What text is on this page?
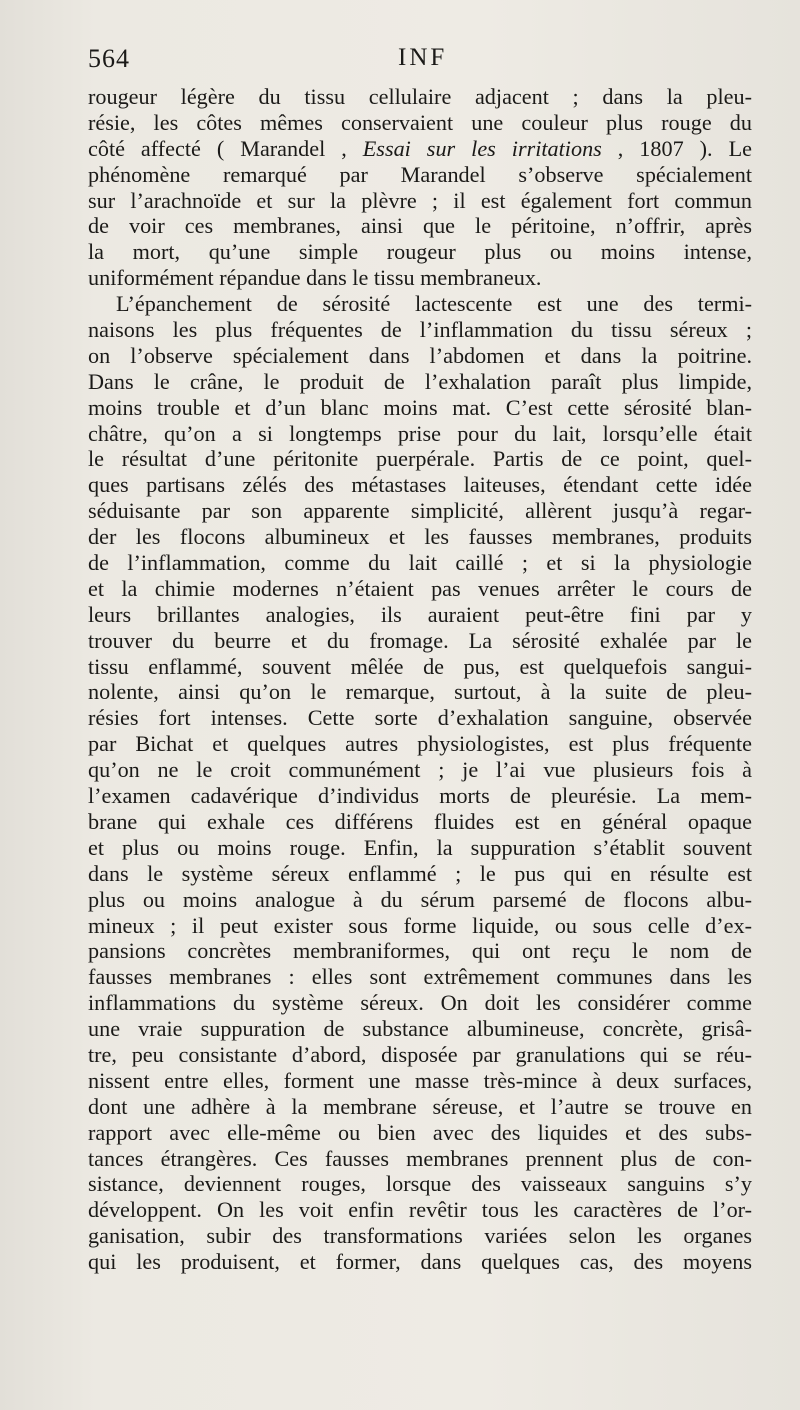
564	INF
rougeur légère du tissu cellulaire adjacent ; dans la pleu-
résie, les côtes mêmes conservaient une couleur plus rouge du
côté affecté ( Marandel , Essai sur les irritations , 1807 ). Le
phénomène remarqué par Marandel s’observe spécialement
sur l’arachnoïde et sur la plèvre ; il est également fort commun
de voir ces membranes, ainsi que le péritoine, n’offrir, après
la mort, qu’une simple rougeur plus ou moins intense,
uniformément répandue dans le tissu membraneux.
L’épanchement de sérosité lactescente est une des termi-
naisons les plus fréquentes de l’inflammation du tissu séreux ;
on l’observe spécialement dans l’abdomen et dans la poitrine.
Dans le crâne, le produit de l’exhalation paraît plus limpide,
moins trouble et d’un blanc moins mat. C’est cette sérosité blan-
châtre, qu’on a si longtemps prise pour du lait, lorsqu’elle était
le résultat d’une péritonite puerpérale. Partis de ce point, quel-
ques partisans zélés des métastases laiteuses, étendant cette idée
séduisante par son apparente simplicité, allèrent jusqu’à regar-
der les flocons albumineux et les fausses membranes, produits
de l’inflammation, comme du lait caillé ; et si la physiologie
et la chimie modernes n’étaient pas venues arrêter le cours de
leurs brillantes analogies, ils auraient peut-être fini par y
trouver du beurre et du fromage. La sérosité exhalée par le
tissu enflammé, souvent mêlée de pus, est quelquefois sangui-
nolente, ainsi qu’on le remarque, surtout, à la suite de pleu-
résies fort intenses. Cette sorte d’exhalation sanguine, observée
par Bichat et quelques autres physiologistes, est plus fréquente
qu’on ne le croit communément ; je l’ai vue plusieurs fois à
l’examen cadavérique d’individus morts de pleurésie. La mem-
brane qui exhale ces différens fluides est en général opaque
et plus ou moins rouge. Enfin, la suppuration s’établit souvent
dans le système séreux enflammé ; le pus qui en résulte est
plus ou moins analogue à du sérum parsemé de flocons albu-
mineux ; il peut exister sous forme liquide, ou sous celle d’ex-
pansions concrètes membraniformes, qui ont reçu le nom de
fausses membranes : elles sont extrêmement communes dans les
inflammations du système séreux. On doit les considérer comme
une vraie suppuration de substance albumineuse, concrète, grisâ-
tre, peu consistante d’abord, disposée par granulations qui se réu-
nissent entre elles, forment une masse très-mince à deux surfaces,
dont une adhère à la membrane séreuse, et l’autre se trouve en
rapport avec elle-même ou bien avec des liquides et des subs-
tances étrangères. Ces fausses membranes prennent plus de con-
sistance, deviennent rouges, lorsque des vaisseaux sanguins s’y
développent. On les voit enfin revêtir tous les caractères de l’or-
ganisation, subir des transformations variées selon les organes
qui les produisent, et former, dans quelques cas, des moyens
